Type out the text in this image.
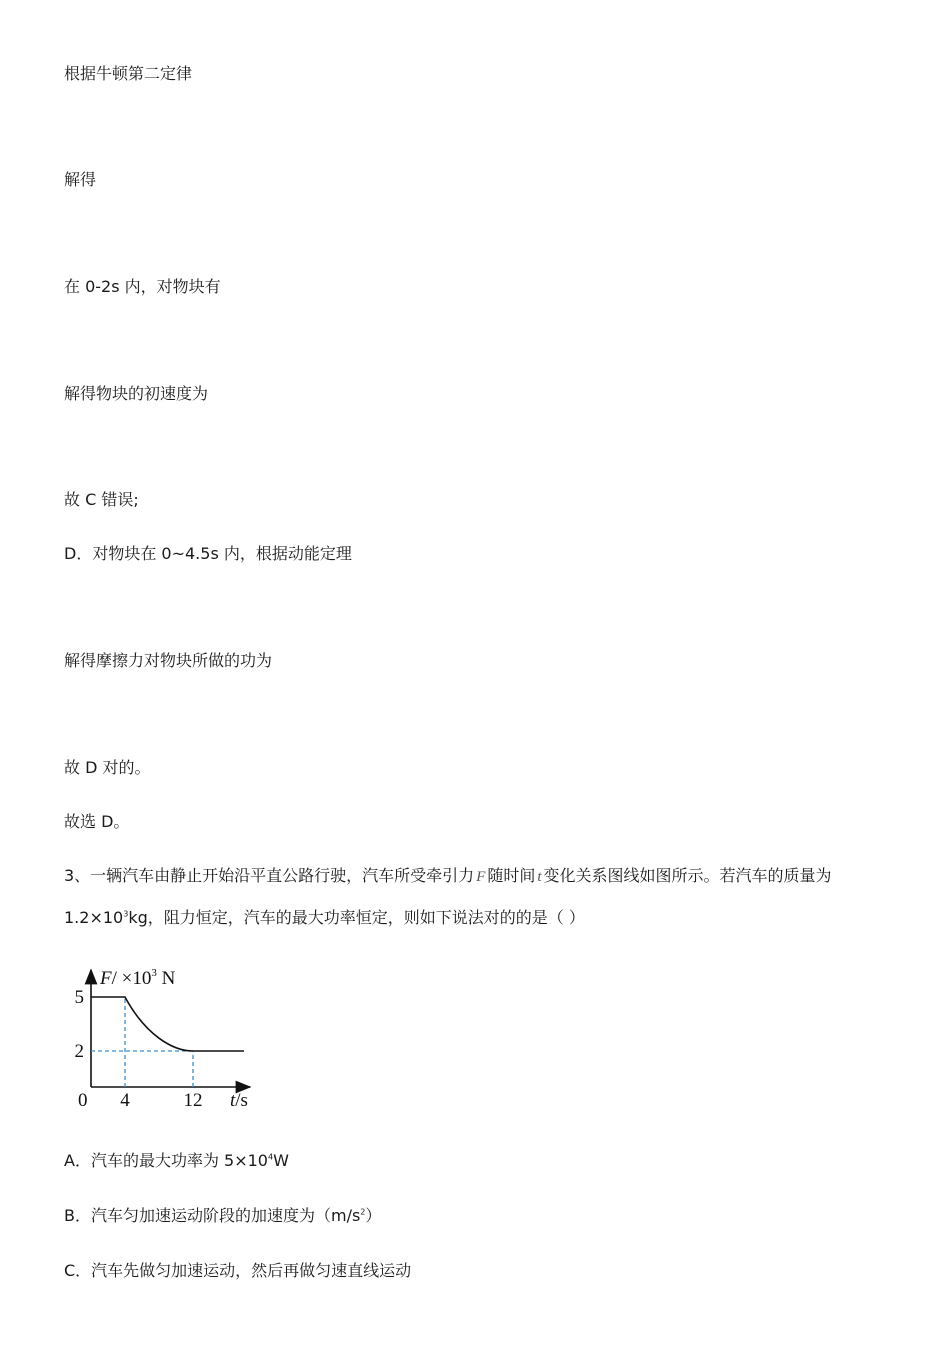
根据牛顿第二定律
解得
在 0-2s 内，对物块有
解得物块的初速度为
故 C 错误;
D．对物块在 0~4.5s 内，根据动能定理
解得摩擦力对物块所做的功为
故 D 对的。
故选 D。
3、一辆汽车由静止开始沿平直公路行驶，汽车所受牵引力 F 随时间 t 变化关系图线如图所示。若汽车的质量为
$1.2\times 10^3kg$，阻力恒定，汽车的最大功率恒定，则如下说法对的的是（ ）
$F/ \times 10^3$ N
5
2
0 4	12 t/s
A．汽车的最大功率为 $5\times 10^4W$
B．汽车匀加速运动阶段的加速度为$(m/s^2)$
C．汽车先做匀加速运动，然后再做匀速直线运动
